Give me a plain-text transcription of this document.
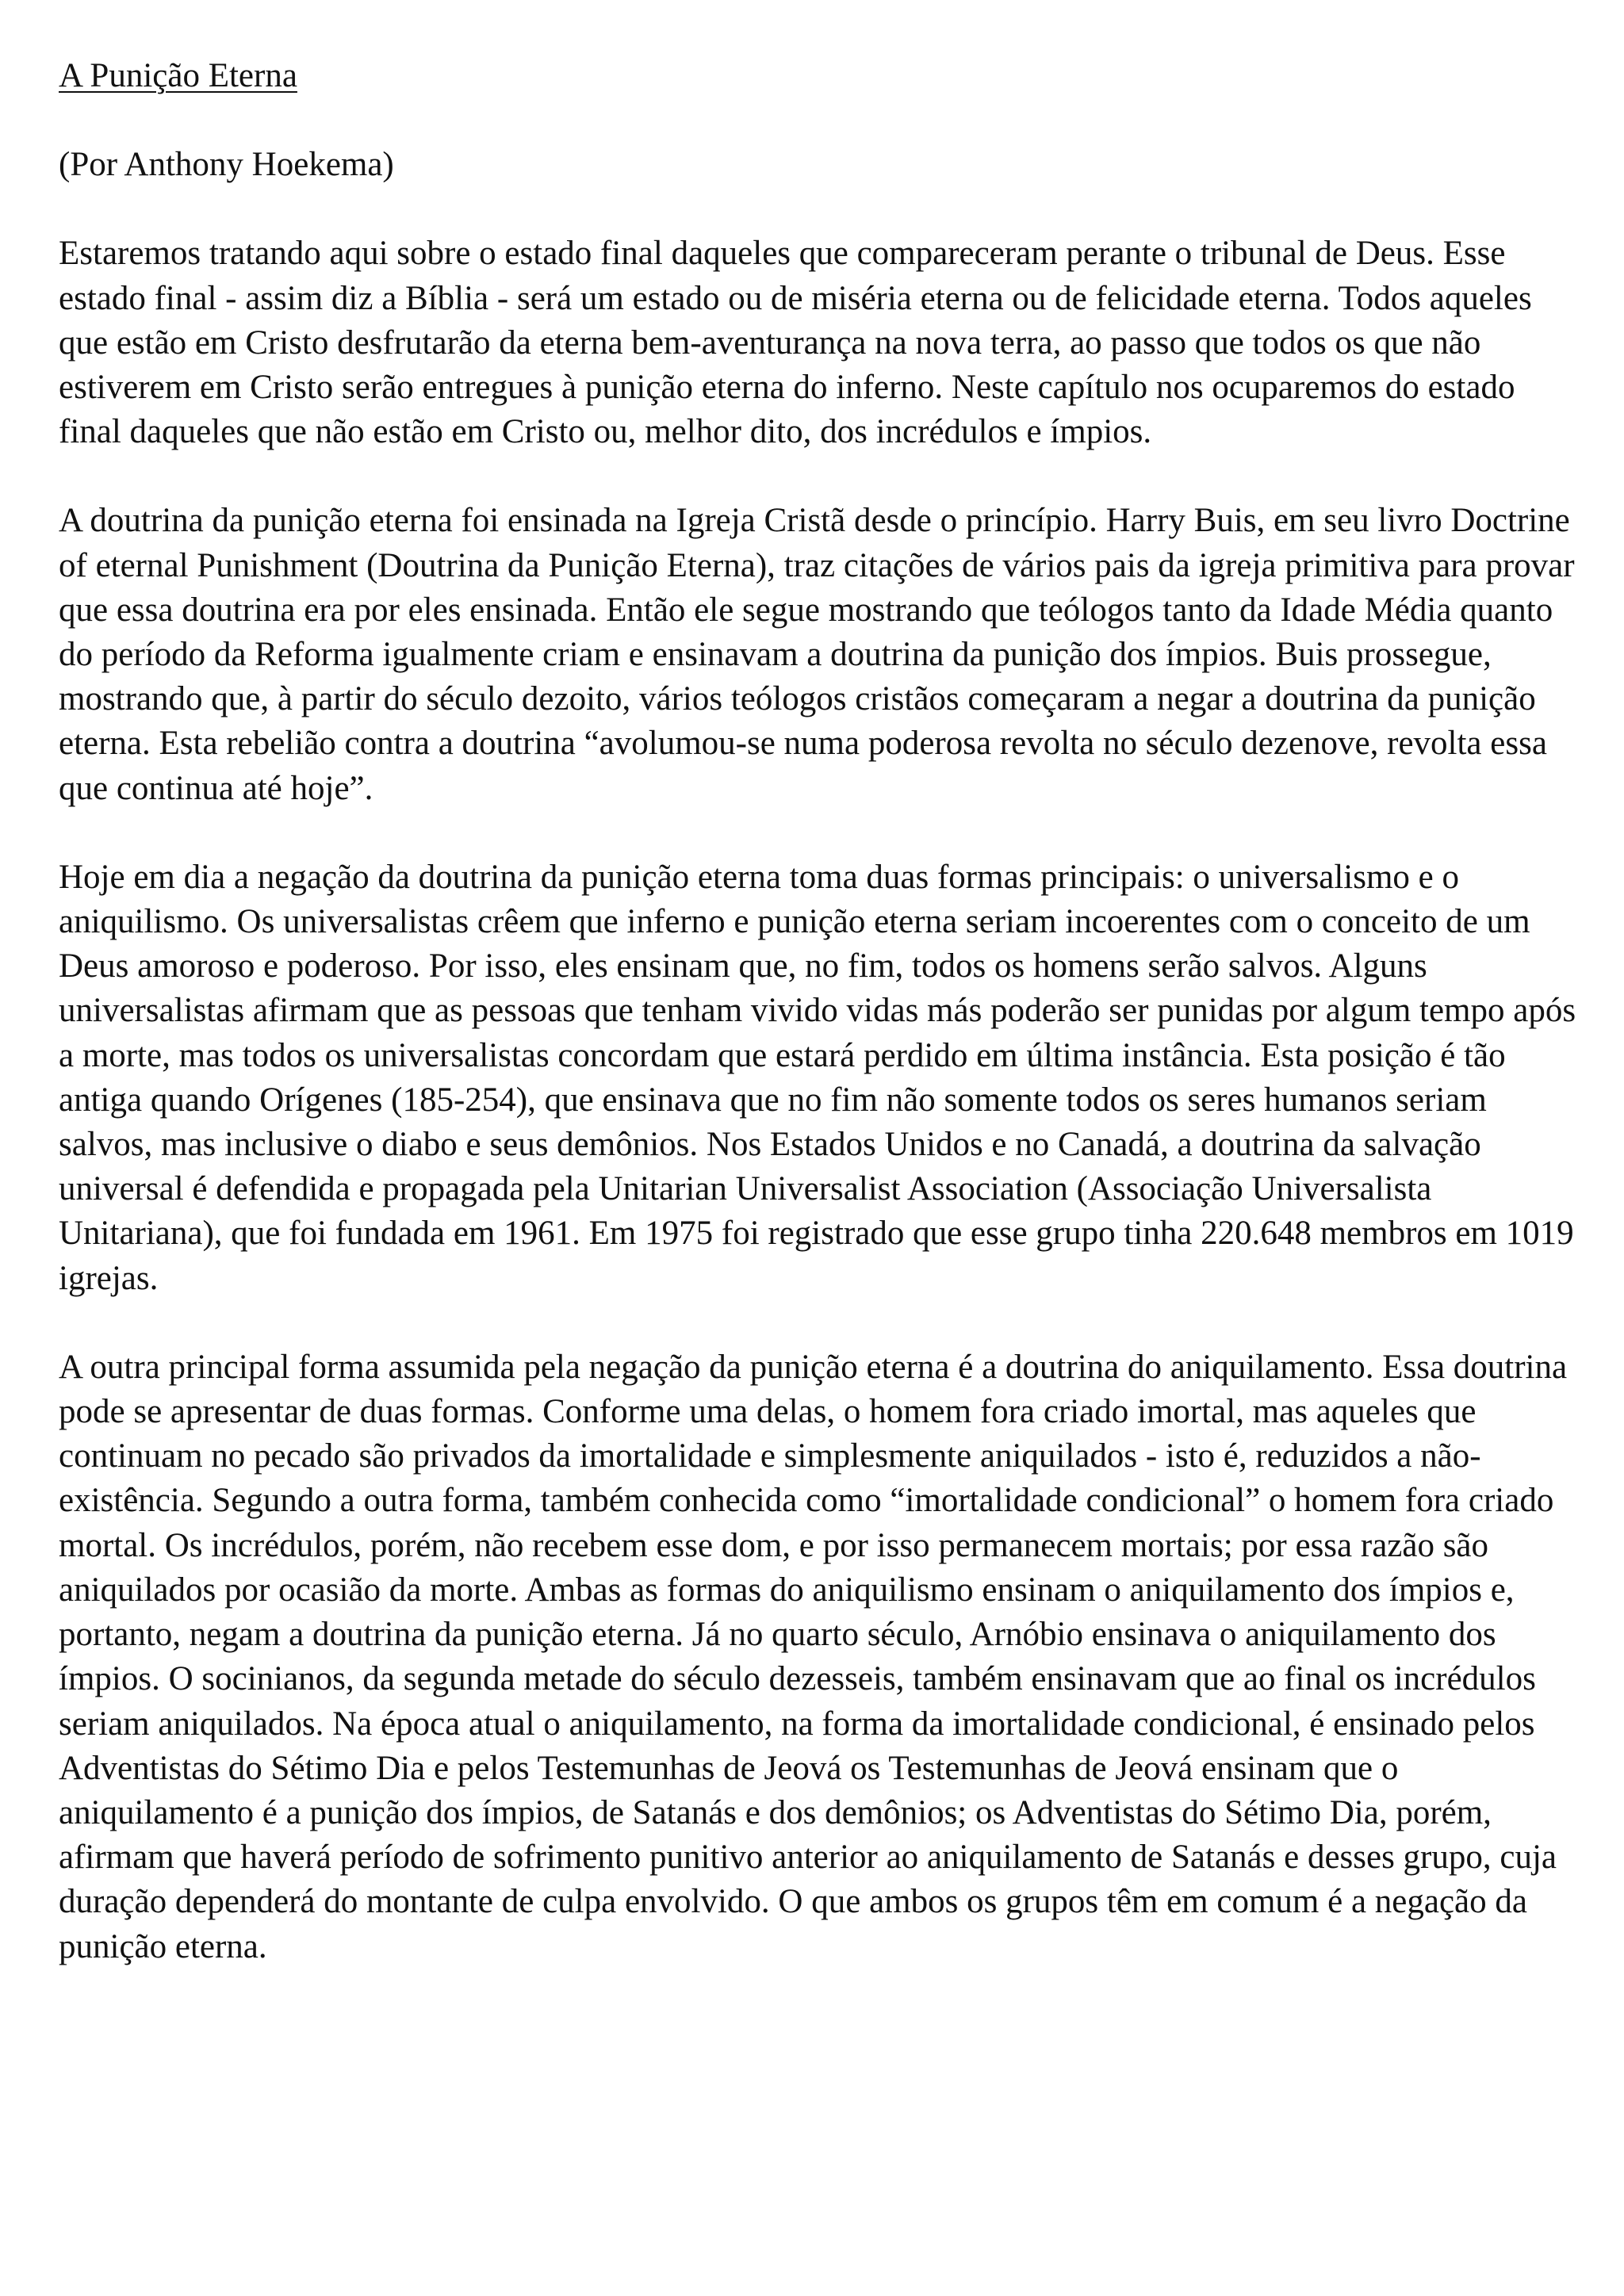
A Punição Eterna

(Por Anthony Hoekema)

Estaremos tratando aqui sobre o estado final daqueles que compareceram perante o tribunal de Deus. Esse estado final - assim diz a Bíblia - será um estado ou de miséria eterna ou de felicidade eterna. Todos aqueles que estão em Cristo desfrutarão da eterna bem-aventurança na nova terra, ao passo que todos os que não estiverem em Cristo serão entregues à punição eterna do inferno. Neste capítulo nos ocuparemos do estado final daqueles que não estão em Cristo ou, melhor dito, dos incrédulos e ímpios.

A doutrina da punição eterna foi ensinada na Igreja Cristã desde o princípio. Harry Buis, em seu livro Doctrine of eternal Punishment (Doutrina da Punição Eterna), traz citações de vários pais da igreja primitiva para provar que essa doutrina era por eles ensinada. Então ele segue mostrando que teólogos tanto da Idade Média quanto do período da Reforma igualmente criam e ensinavam a doutrina da punição dos ímpios. Buis prossegue, mostrando que, à partir do século dezoito, vários teólogos cristãos começaram a negar a doutrina da punição eterna. Esta rebelião contra a doutrina “avolumou-se numa poderosa revolta no século dezenove, revolta essa que continua até hoje”.

Hoje em dia a negação da doutrina da punição eterna toma duas formas principais: o universalismo e o aniquilismo. Os universalistas crêem que inferno e punição eterna seriam incoerentes com o conceito de um Deus amoroso e poderoso. Por isso, eles ensinam que, no fim, todos os homens serão salvos. Alguns universalistas afirmam que as pessoas que tenham vivido vidas más poderão ser punidas por algum tempo após a morte, mas todos os universalistas concordam que estará perdido em última instância. Esta posição é tão antiga quando Orígenes (185-254), que ensinava que no fim não somente todos os seres humanos seriam salvos, mas inclusive o diabo e seus demônios. Nos Estados Unidos e no Canadá, a doutrina da salvação universal é defendida e propagada pela Unitarian Universalist Association (Associação Universalista Unitariana), que foi fundada em 1961. Em 1975 foi registrado que esse grupo tinha 220.648 membros em 1019 igrejas.

A outra principal forma assumida pela negação da punição eterna é a doutrina do aniquilamento. Essa doutrina pode se apresentar de duas formas. Conforme uma delas, o homem fora criado imortal, mas aqueles que continuam no pecado são privados da imortalidade e simplesmente aniquilados - isto é, reduzidos a não-existência. Segundo a outra forma, também conhecida como “imortalidade condicional” o homem fora criado mortal. Os incrédulos, porém, não recebem esse dom, e por isso permanecem mortais; por essa razão são aniquilados por ocasião da morte. Ambas as formas do aniquilismo ensinam o aniquilamento dos ímpios e, portanto, negam a doutrina da punição eterna. Já no quarto século, Arnóbio ensinava o aniquilamento dos ímpios. O socinianos, da segunda metade do século dezesseis, também ensinavam que ao final os incrédulos seriam aniquilados. Na época atual o aniquilamento, na forma da imortalidade condicional, é ensinado pelos Adventistas do Sétimo Dia e pelos Testemunhas de Jeová os Testemunhas de Jeová ensinam que o aniquilamento é a punição dos ímpios, de Satanás e dos demônios; os Adventistas do Sétimo Dia, porém, afirmam que haverá período de sofrimento punitivo anterior ao aniquilamento de Satanás e desses grupo, cuja duração dependerá do montante de culpa envolvido. O que ambos os grupos têm em comum é a negação da punição eterna.
